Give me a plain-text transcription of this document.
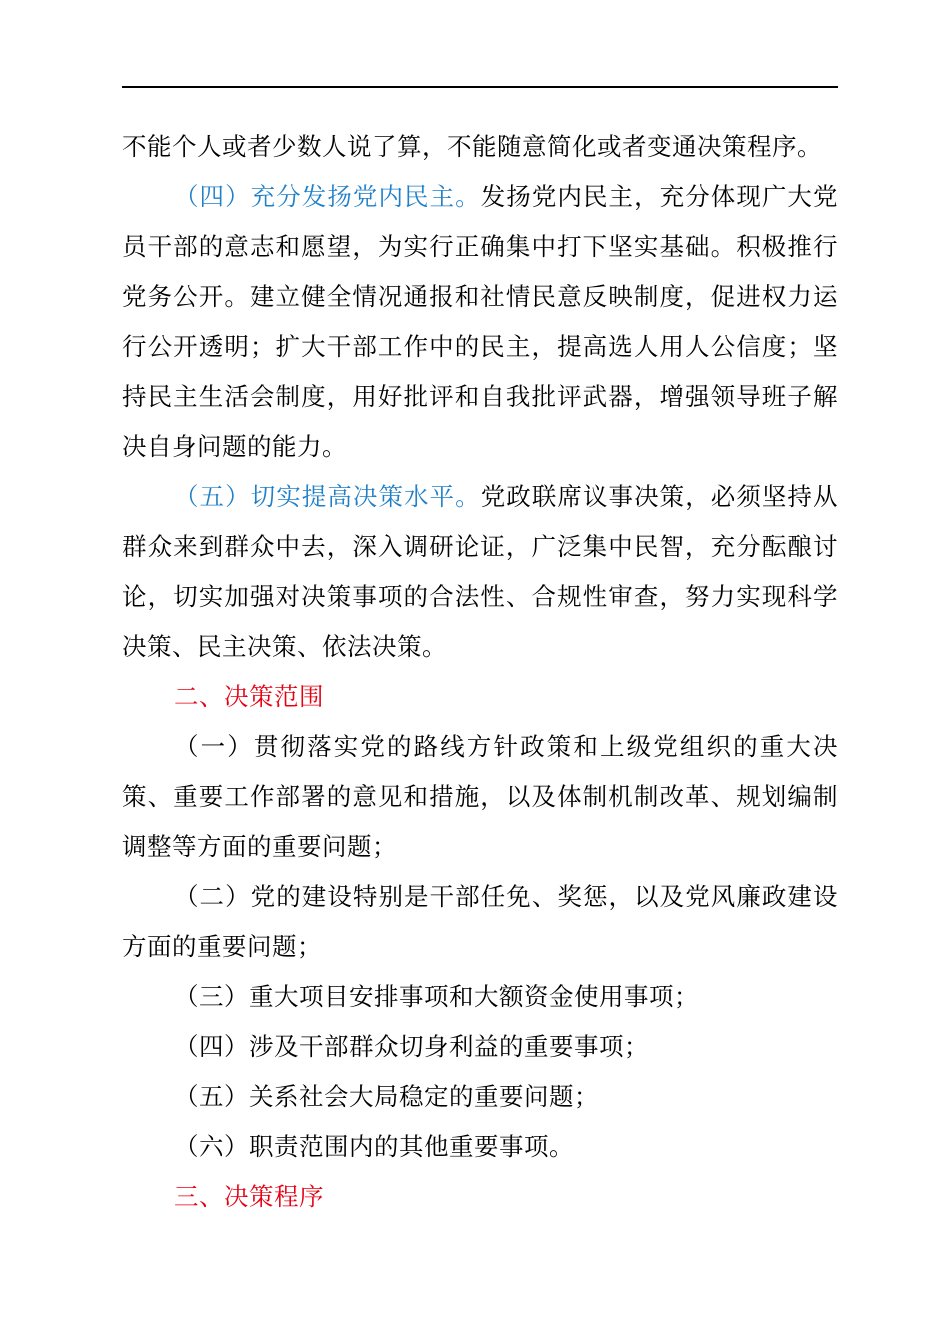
不能个人或者少数人说了算，不能随意简化或者变通决策程序。

（四）充分发扬党内民主。发扬党内民主，充分体现广大党员干部的意志和愿望，为实行正确集中打下坚实基础。积极推行党务公开。建立健全情况通报和社情民意反映制度，促进权力运行公开透明；扩大干部工作中的民主，提高选人用人公信度；坚持民主生活会制度，用好批评和自我批评武器，增强领导班子解决自身问题的能力。

（五）切实提高决策水平。党政联席议事决策，必须坚持从群众来到群众中去，深入调研论证，广泛集中民智，充分酝酿讨论，切实加强对决策事项的合法性、合规性审查，努力实现科学决策、民主决策、依法决策。

二、决策范围

（一）贯彻落实党的路线方针政策和上级党组织的重大决策、重要工作部署的意见和措施，以及体制机制改革、规划编制调整等方面的重要问题；

（二）党的建设特别是干部任免、奖惩，以及党风廉政建设方面的重要问题；

（三）重大项目安排事项和大额资金使用事项；

（四）涉及干部群众切身利益的重要事项；

（五）关系社会大局稳定的重要问题；

（六）职责范围内的其他重要事项。

三、决策程序
